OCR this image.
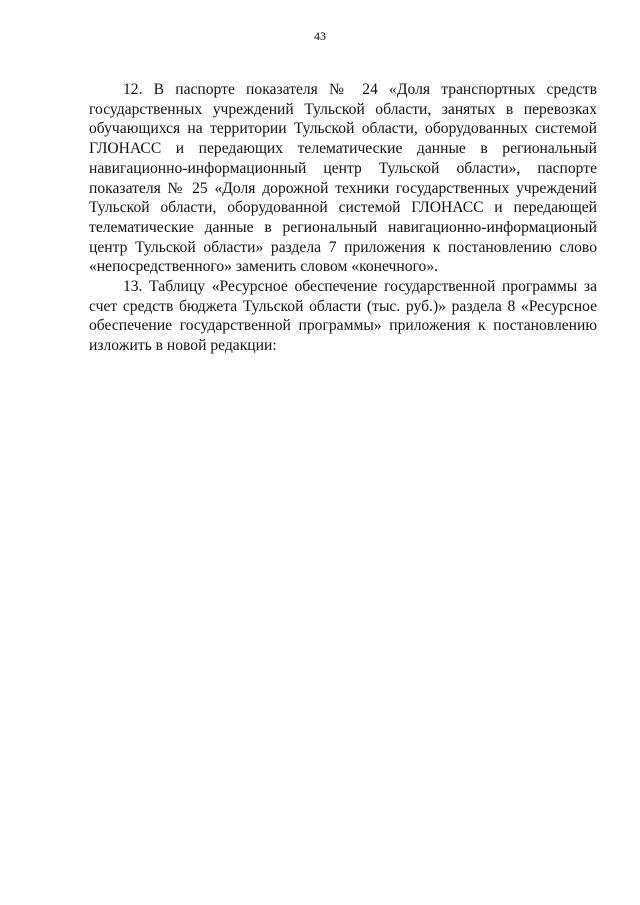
43

12. В паспорте показателя № 24 «Доля транспортных средств государственных учреждений Тульской области, занятых в перевозках обучающихся на территории Тульской области, оборудованных системой ГЛОНАСС и передающих телематические данные в региональный навигационно-информационный центр Тульской области», паспорте показателя № 25 «Доля дорожной техники государственных учреждений Тульской области, оборудованной системой ГЛОНАСС и передающей телематические данные в региональный навигационно-информационый центр Тульской области» раздела 7 приложения к постановлению слово «непосредственного» заменить словом «конечного».

13. Таблицу «Ресурсное обеспечение государственной программы за счет средств бюджета Тульской области (тыс. руб.)» раздела 8 «Ресурсное обеспечение государственной программы» приложения к постановлению изложить в новой редакции:
